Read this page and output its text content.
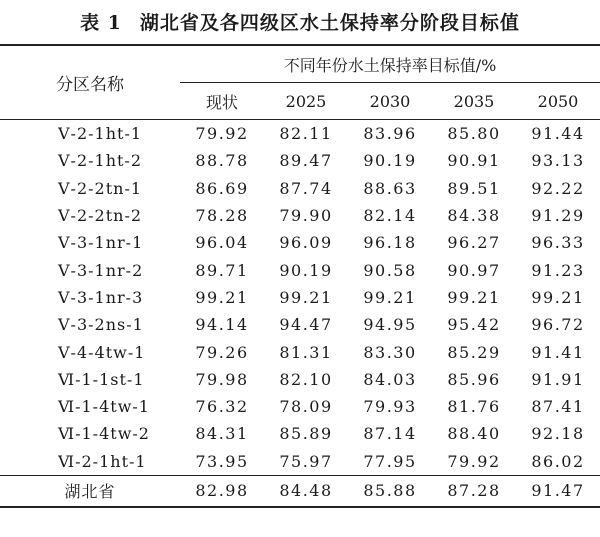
表 1 湖北省及各四级区水土保持率分阶段目标值
分区名称	不同年份水土保持率目标值/%				
	现状	2025	2030	2035	2050
Ⅴ-2-1ht-1	79.92	82.11	83.96	85.80	91.44
Ⅴ-2-1ht-2	88.78	89.47	90.19	90.91	93.13
Ⅴ-2-2tn-1	86.69	87.74	88.63	89.51	92.22
Ⅴ-2-2tn-2	78.28	79.90	82.14	84.38	91.29
Ⅴ-3-1nr-1	96.04	96.09	96.18	96.27	96.33
Ⅴ-3-1nr-2	89.71	90.19	90.58	90.97	91.23
Ⅴ-3-1nr-3	99.21	99.21	99.21	99.21	99.21
Ⅴ-3-2ns-1	94.14	94.47	94.95	95.42	96.72
Ⅴ-4-4tw-1	79.26	81.31	83.30	85.29	91.41
Ⅵ-1-1st-1	79.98	82.10	84.03	85.96	91.91
Ⅵ-1-4tw-1	76.32	78.09	79.93	81.76	87.41
Ⅵ-1-4tw-2	84.31	85.89	87.14	88.40	92.18
Ⅵ-2-1ht-1	73.95	75.97	77.95	79.92	86.02
湖北省	82.98	84.48	85.88	87.28	91.47
